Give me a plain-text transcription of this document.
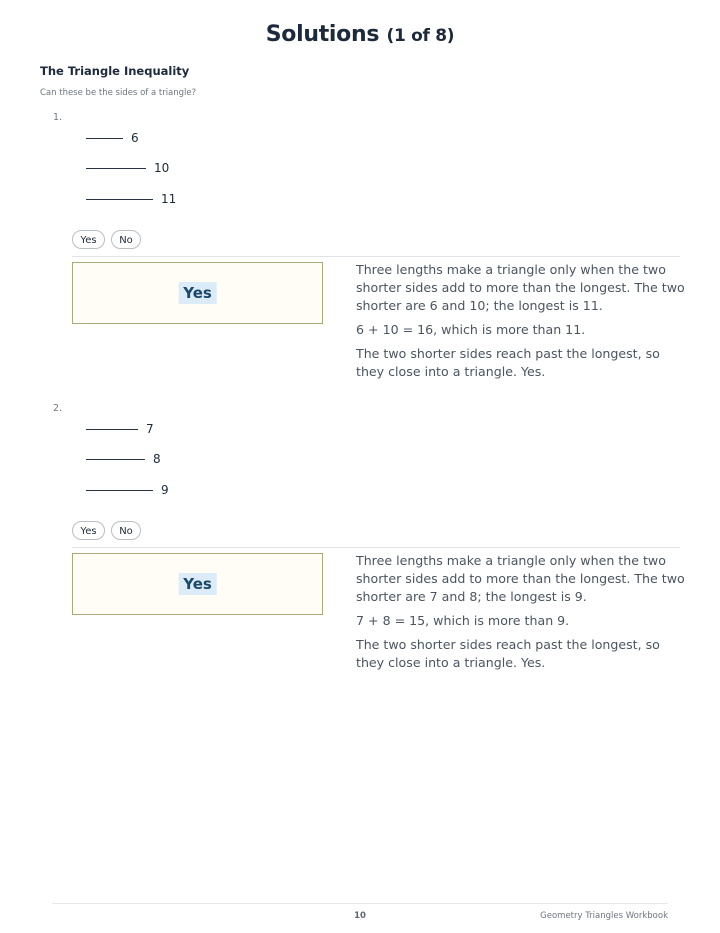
Solutions (1 of 8)
The Triangle Inequality
Can these be the sides of a triangle?
1.
6
10
11
Yes	No
Yes

Three lengths make a triangle only when the two shorter sides add to more than the longest. The two shorter are 6 and 10; the longest is 11.

6 + 10 = 16, which is more than 11.

The two shorter sides reach past the longest, so they close into a triangle. Yes.

2.
7
8
9
Yes	No
Yes

Three lengths make a triangle only when the two shorter sides add to more than the longest. The two shorter are 7 and 8; the longest is 9.

7 + 8 = 15, which is more than 9.

The two shorter sides reach past the longest, so they close into a triangle. Yes.

10	Geometry Triangles Workbook
